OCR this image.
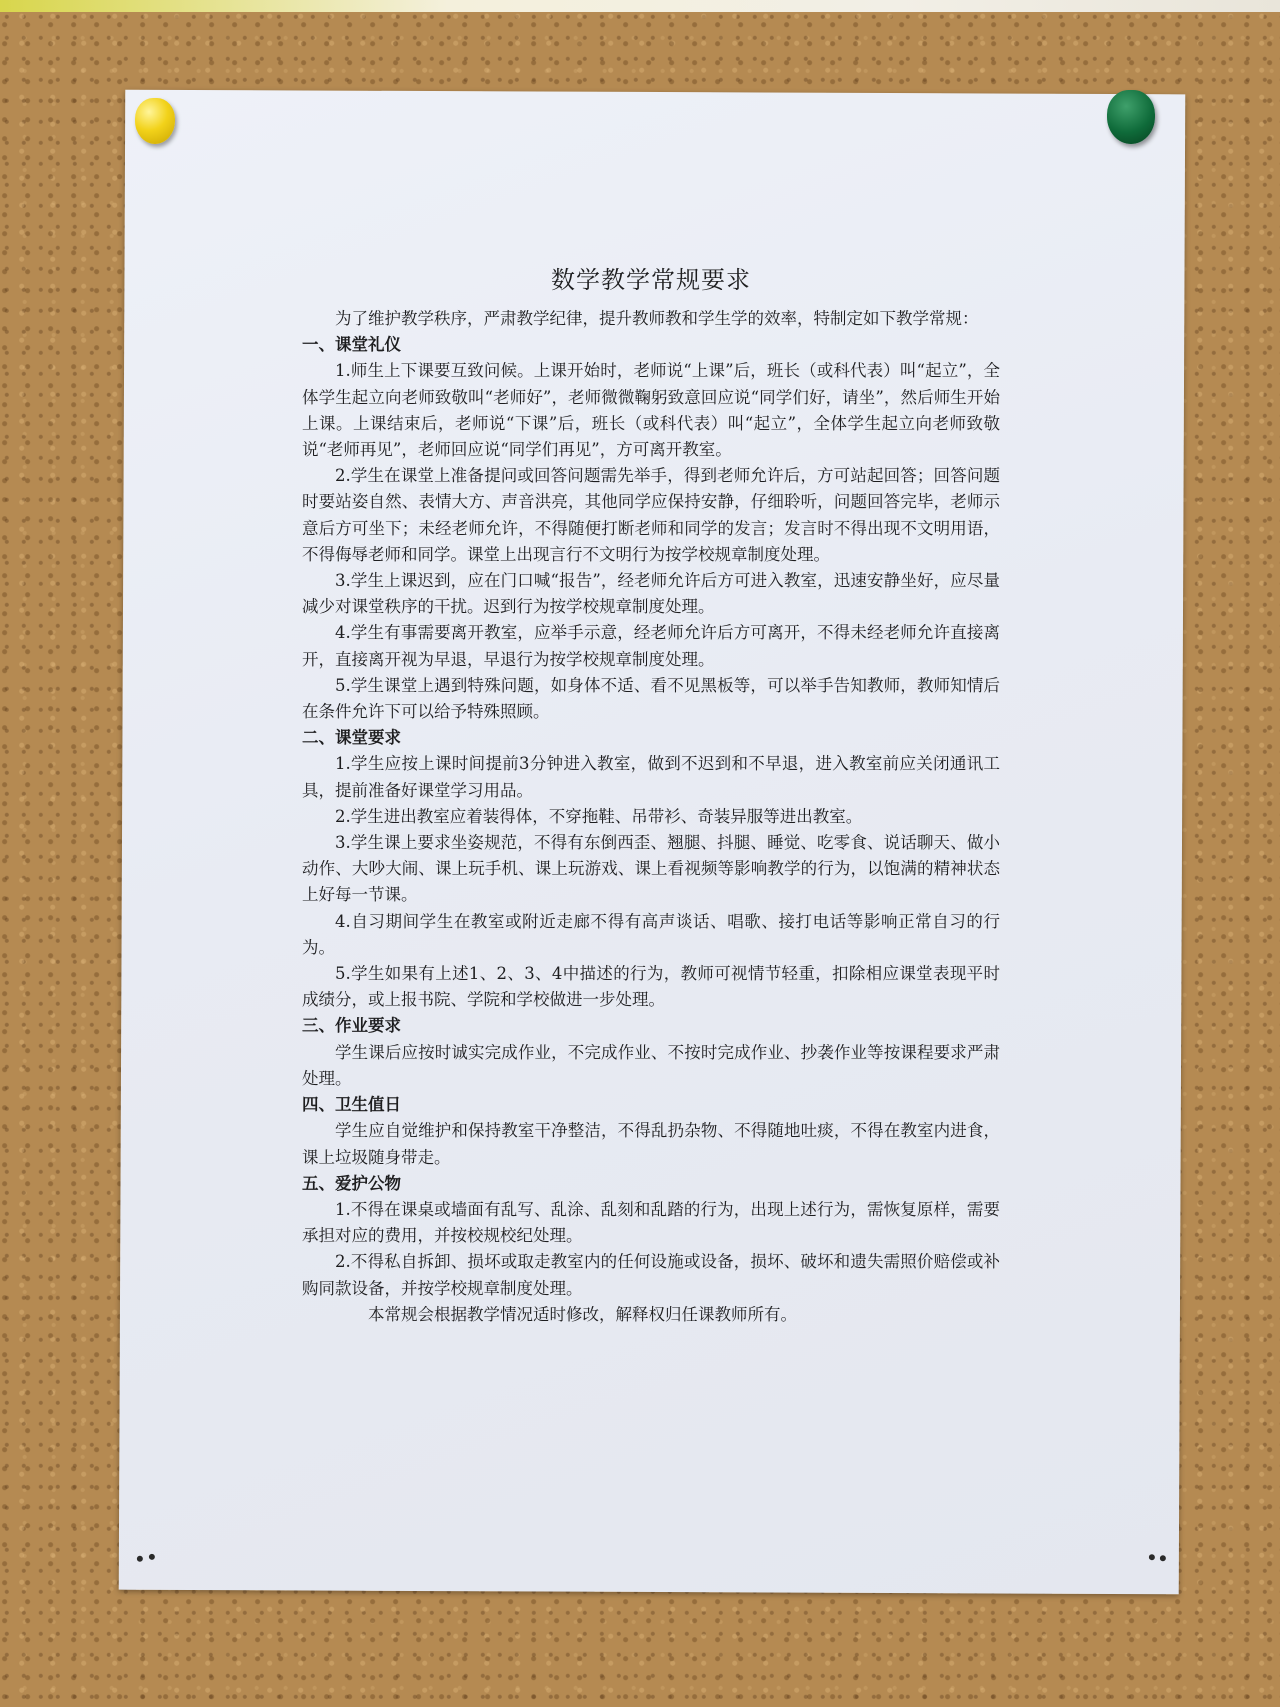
数学教学常规要求

为了维护教学秩序，严肃教学纪律，提升教师教和学生学的效率，特制定如下教学常规：

一、课堂礼仪

1.师生上下课要互致问候。上课开始时，老师说“上课”后，班长（或科代表）叫“起立”，全体学生起立向老师致敬叫“老师好”，老师微微鞠躬致意回应说“同学们好，请坐”，然后师生开始上课。上课结束后，老师说“下课”后，班长（或科代表）叫“起立”，全体学生起立向老师致敬说“老师再见”，老师回应说“同学们再见”，方可离开教室。

2.学生在课堂上准备提问或回答问题需先举手，得到老师允许后，方可站起回答；回答问题时要站姿自然、表情大方、声音洪亮，其他同学应保持安静，仔细聆听，问题回答完毕，老师示意后方可坐下；未经老师允许，不得随便打断老师和同学的发言；发言时不得出现不文明用语，不得侮辱老师和同学。课堂上出现言行不文明行为按学校规章制度处理。

3.学生上课迟到，应在门口喊“报告”，经老师允许后方可进入教室，迅速安静坐好，应尽量减少对课堂秩序的干扰。迟到行为按学校规章制度处理。

4.学生有事需要离开教室，应举手示意，经老师允许后方可离开，不得未经老师允许直接离开，直接离开视为早退，早退行为按学校规章制度处理。

5.学生课堂上遇到特殊问题，如身体不适、看不见黑板等，可以举手告知教师，教师知情后在条件允许下可以给予特殊照顾。

二、课堂要求

1.学生应按上课时间提前3分钟进入教室，做到不迟到和不早退，进入教室前应关闭通讯工具，提前准备好课堂学习用品。

2.学生进出教室应着装得体，不穿拖鞋、吊带衫、奇装异服等进出教室。

3.学生课上要求坐姿规范，不得有东倒西歪、翘腿、抖腿、睡觉、吃零食、说话聊天、做小动作、大吵大闹、课上玩手机、课上玩游戏、课上看视频等影响教学的行为，以饱满的精神状态上好每一节课。

4.自习期间学生在教室或附近走廊不得有高声谈话、唱歌、接打电话等影响正常自习的行为。

5.学生如果有上述1、2、3、4中描述的行为，教师可视情节轻重，扣除相应课堂表现平时成绩分，或上报书院、学院和学校做进一步处理。

三、作业要求

学生课后应按时诚实完成作业，不完成作业、不按时完成作业、抄袭作业等按课程要求严肃处理。

四、卫生值日

学生应自觉维护和保持教室干净整洁，不得乱扔杂物、不得随地吐痰，不得在教室内进食，课上垃圾随身带走。

五、爱护公物

1.不得在课桌或墙面有乱写、乱涂、乱刻和乱踏的行为，出现上述行为，需恢复原样，需要承担对应的费用，并按校规校纪处理。

2.不得私自拆卸、损坏或取走教室内的任何设施或设备，损坏、破坏和遗失需照价赔偿或补购同款设备，并按学校规章制度处理。

本常规会根据教学情况适时修改，解释权归任课教师所有。
